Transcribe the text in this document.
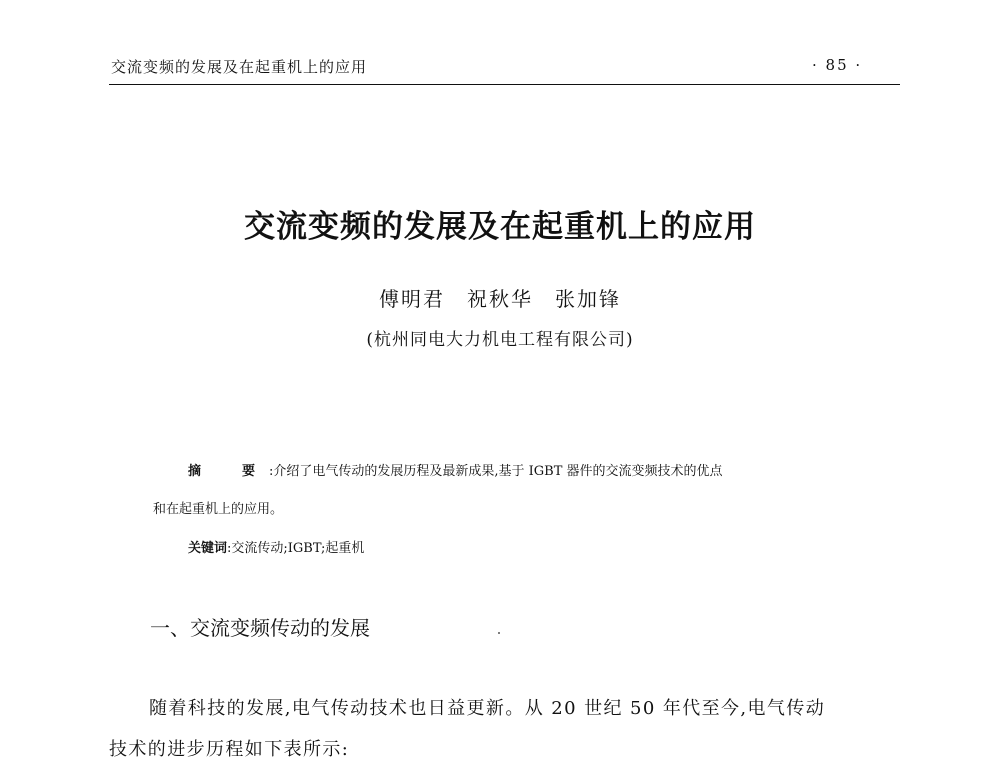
交流变频的发展及在起重机上的应用	· 85 ·
交流变频的发展及在起重机上的应用
傅明君　祝秋华　张加锋
(杭州同电大力机电工程有限公司)
摘　要:介绍了电气传动的发展历程及最新成果,基于 IGBT 器件的交流变频技术的优点
和在起重机上的应用。
关键词:交流传动;IGBT;起重机
一、交流变频传动的发展
随着科技的发展,电气传动技术也日益更新。从 20 世纪 50 年代至今,电气传动
技术的进步历程如下表所示:
